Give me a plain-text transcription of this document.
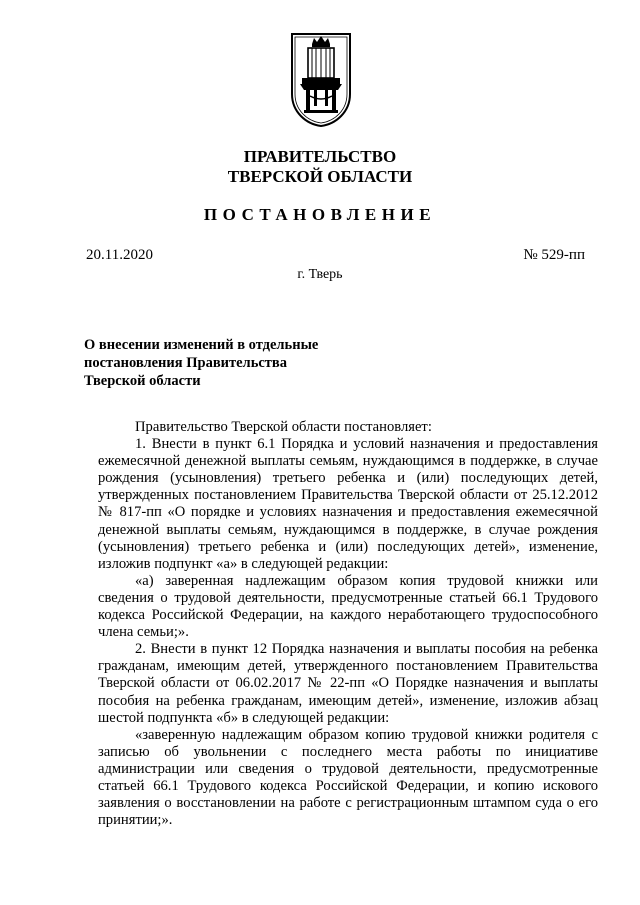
ПРАВИТЕЛЬСТВО
ТВЕРСКОЙ ОБЛАСТИ
ПОСТАНОВЛЕНИЕ
20.11.2020	№ 529-пп
г. Тверь
О внесении изменений в отдельные
постановления Правительства
Тверской области

Правительство Тверской области постановляет:

1. Внести в пункт 6.1 Порядка и условий назначения и предоставления ежемесячной денежной выплаты семьям, нуждающимся в поддержке, в случае рождения (усыновления) третьего ребенка и (или) последующих детей, утвержденных постановлением Правительства Тверской области от 25.12.2012 № 817-пп «О порядке и условиях назначения и предоставления ежемесячной денежной выплаты семьям, нуждающимся в поддержке, в случае рождения (усыновления) третьего ребенка и (или) последующих детей», изменение, изложив подпункт «а» в следующей редакции:

«а) заверенная надлежащим образом копия трудовой книжки или сведения о трудовой деятельности, предусмотренные статьей 66.1 Трудового кодекса Российской Федерации, на каждого неработающего трудоспособного члена семьи;».

2. Внести в пункт 12 Порядка назначения и выплаты пособия на ребенка гражданам, имеющим детей, утвержденного постановлением Правительства Тверской области от 06.02.2017 № 22-пп «О Порядке назначения и выплаты пособия на ребенка гражданам, имеющим детей», изменение, изложив абзац шестой подпункта «б» в следующей редакции:

«заверенную надлежащим образом копию трудовой книжки родителя с записью об увольнении с последнего места работы по инициативе администрации или сведения о трудовой деятельности, предусмотренные статьей 66.1 Трудового кодекса Российской Федерации, и копию искового заявления о восстановлении на работе с регистрационным штампом суда о его принятии;».
